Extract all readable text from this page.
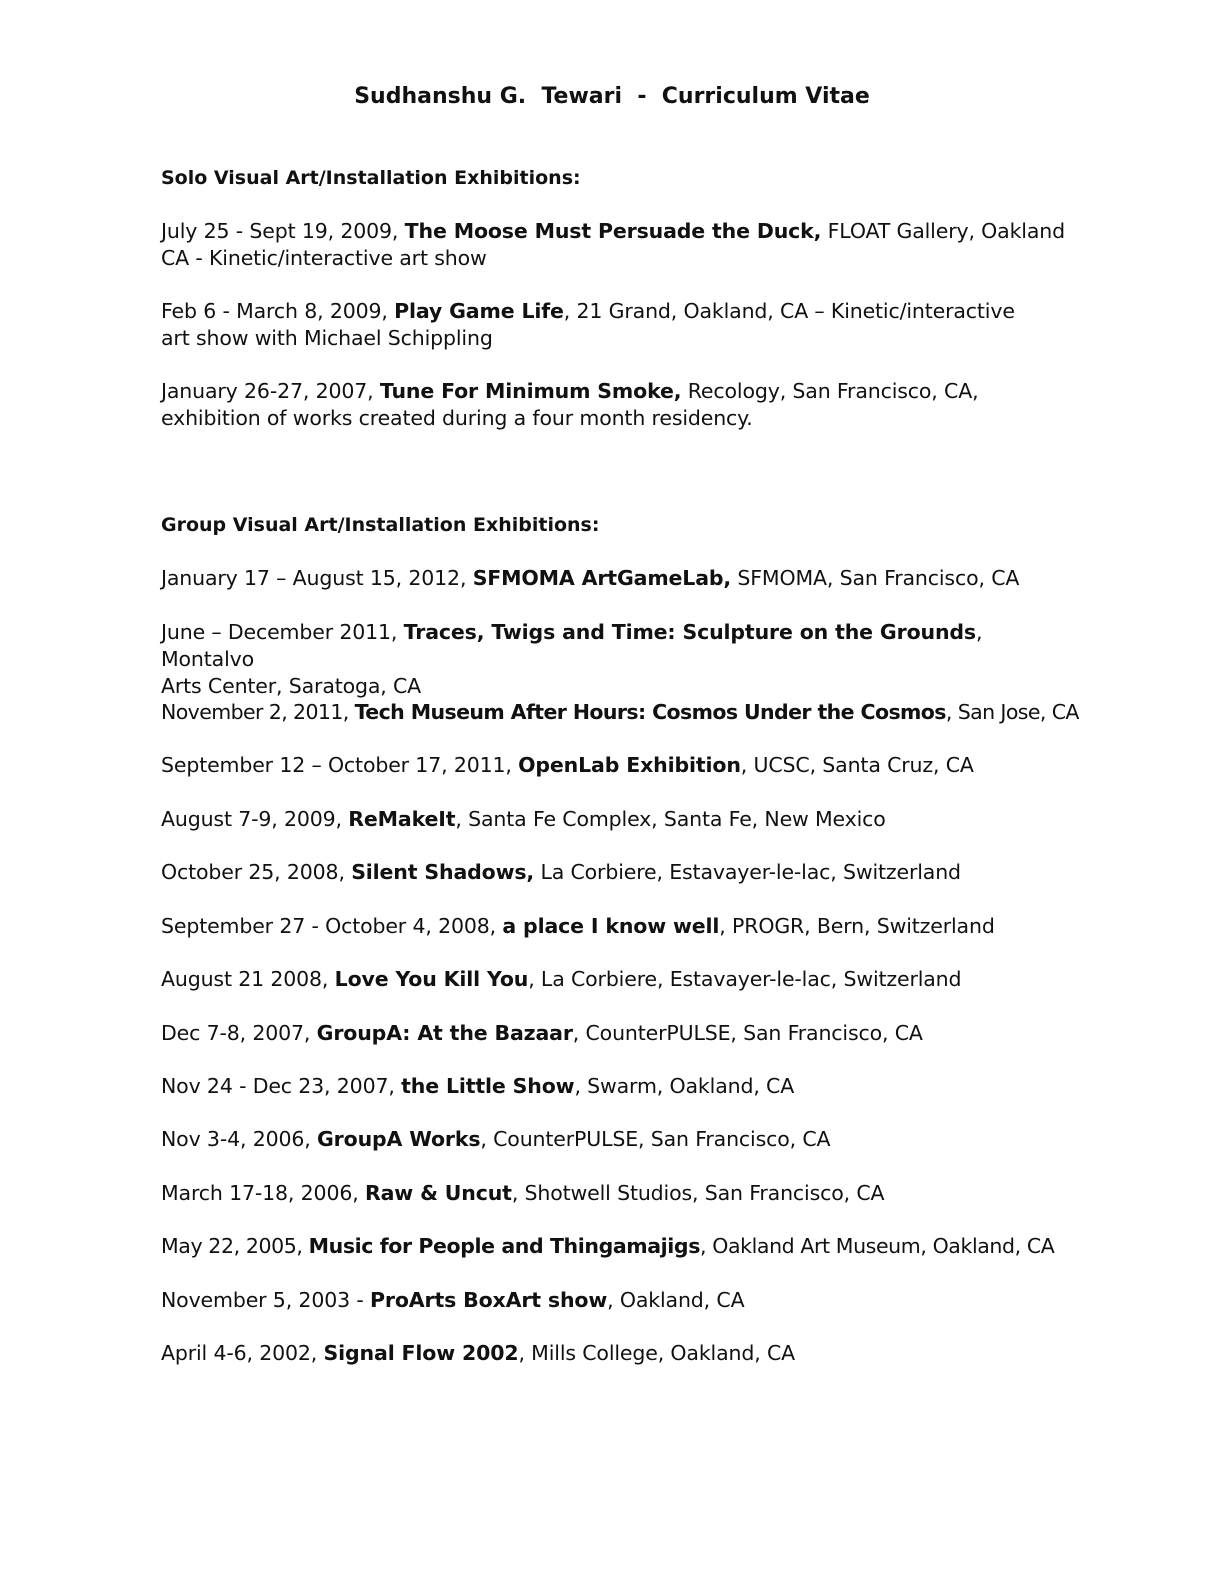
Sudhanshu G.  Tewari  -  Curriculum Vitae
Solo Visual Art/Installation Exhibitions:

July 25 - Sept 19, 2009, The Moose Must Persuade the Duck, FLOAT Gallery, Oakland
CA - Kinetic/interactive art show

Feb 6 - March 8, 2009, Play Game Life, 21 Grand, Oakland, CA – Kinetic/interactive
art show with Michael Schippling

January 26-27, 2007, Tune For Minimum Smoke, Recology, San Francisco, CA,
exhibition of works created during a four month residency.

Group Visual Art/Installation Exhibitions:

January 17 – August 15, 2012, SFMOMA ArtGameLab, SFMOMA, San Francisco, CA

June – December 2011, Traces, Twigs and Time: Sculpture on the Grounds, Montalvo
Arts Center, Saratoga, CA

November 2, 2011, Tech Museum After Hours: Cosmos Under the Cosmos, San Jose, CA

September 12 – October 17, 2011, OpenLab Exhibition, UCSC, Santa Cruz, CA

August 7-9, 2009, ReMakeIt, Santa Fe Complex, Santa Fe, New Mexico

October 25, 2008, Silent Shadows, La Corbiere, Estavayer-le-lac, Switzerland

September 27 - October 4, 2008, a place I know well, PROGR, Bern, Switzerland

August 21 2008, Love You Kill You, La Corbiere, Estavayer-le-lac, Switzerland

Dec 7-8, 2007, GroupA: At the Bazaar, CounterPULSE, San Francisco, CA

Nov 24 - Dec 23, 2007, the Little Show, Swarm, Oakland, CA

Nov 3-4, 2006, GroupA Works, CounterPULSE, San Francisco, CA

March 17-18, 2006, Raw & Uncut, Shotwell Studios, San Francisco, CA

May 22, 2005, Music for People and Thingamajigs, Oakland Art Museum, Oakland, CA

November 5, 2003 - ProArts BoxArt show, Oakland, CA

April 4-6, 2002, Signal Flow 2002, Mills College, Oakland, CA
